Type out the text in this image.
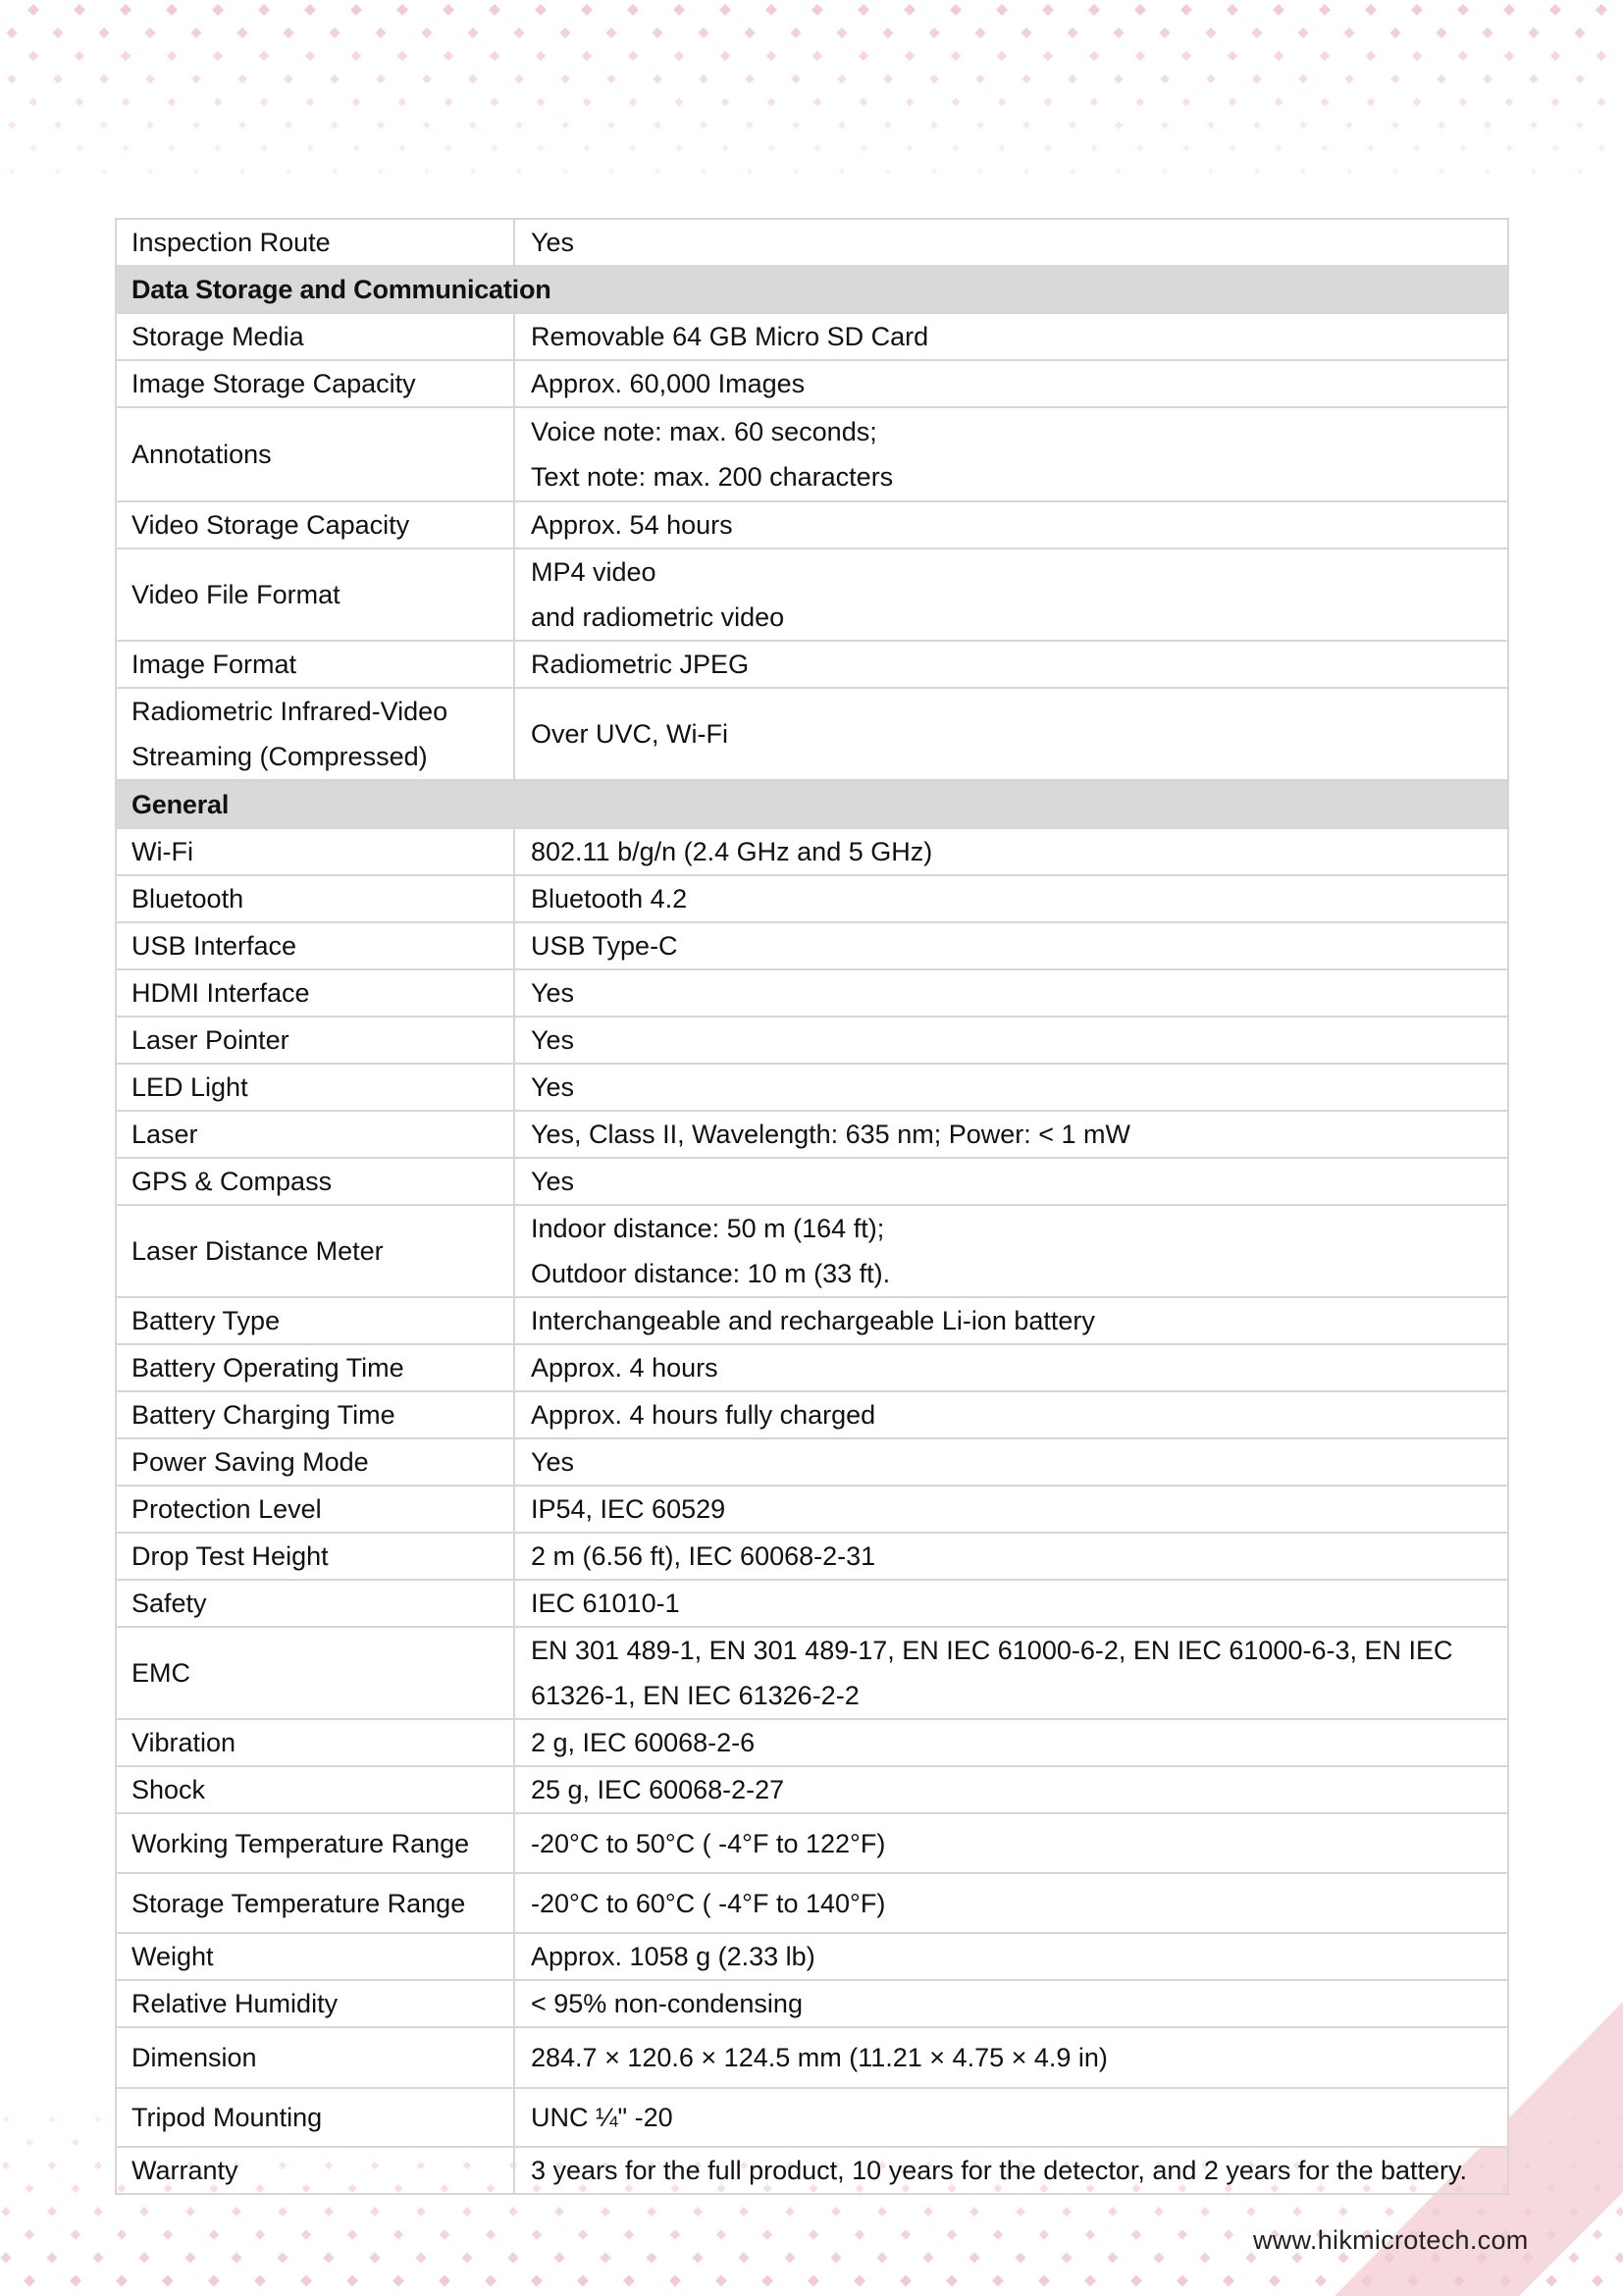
Inspection Route	Yes

Data Storage and Communication	
Storage Media	Removable 64 GB Micro SD Card

Image Storage Capacity	Approx. 60,000 Images

Annotations	Voice note: max. 60 seconds;
Text note: max. 200 characters

Video Storage Capacity	Approx. 54 hours

Video File Format	MP4 video
and radiometric video

Image Format	Radiometric JPEG

Radiometric Infrared-Video
Streaming (Compressed)	Over UVC, Wi-Fi

General	
Wi-Fi	802.11 b/g/n (2.4 GHz and 5 GHz)

Bluetooth	Bluetooth 4.2

USB Interface	USB Type-C

HDMI Interface	Yes

Laser Pointer	Yes

LED Light	Yes

Laser	Yes, Class II, Wavelength: 635 nm; Power: < 1 mW

GPS & Compass	Yes

Laser Distance Meter	Indoor distance: 50 m (164 ft);
Outdoor distance: 10 m (33 ft).

Battery Type	Interchangeable and rechargeable Li-ion battery

Battery Operating Time	Approx. 4 hours

Battery Charging Time	Approx. 4 hours fully charged

Power Saving Mode	Yes

Protection Level	IP54, IEC 60529

Drop Test Height	2 m (6.56 ft), IEC 60068-2-31

Safety	IEC 61010-1

EMC	EN 301 489-1, EN 301 489-17, EN IEC 61000-6-2, EN IEC 61000-6-3, EN IEC
61326-1, EN IEC 61326-2-2

Vibration	2 g, IEC 60068-2-6

Shock	25 g, IEC 60068-2-27

Working Temperature Range	-20°C to 50°C ( -4°F to 122°F)

Storage Temperature Range	-20°C to 60°C ( -4°F to 140°F)

Weight	Approx. 1058 g (2.33 lb)

Relative Humidity	< 95% non-condensing

Dimension	284.7 × 120.6 × 124.5 mm (11.21 × 4.75 × 4.9 in)

Tripod Mounting	UNC ¼" -20

Warranty	3 years for the full product, 10 years for the detector, and 2 years for the battery.
www.hikmicrotech.com
